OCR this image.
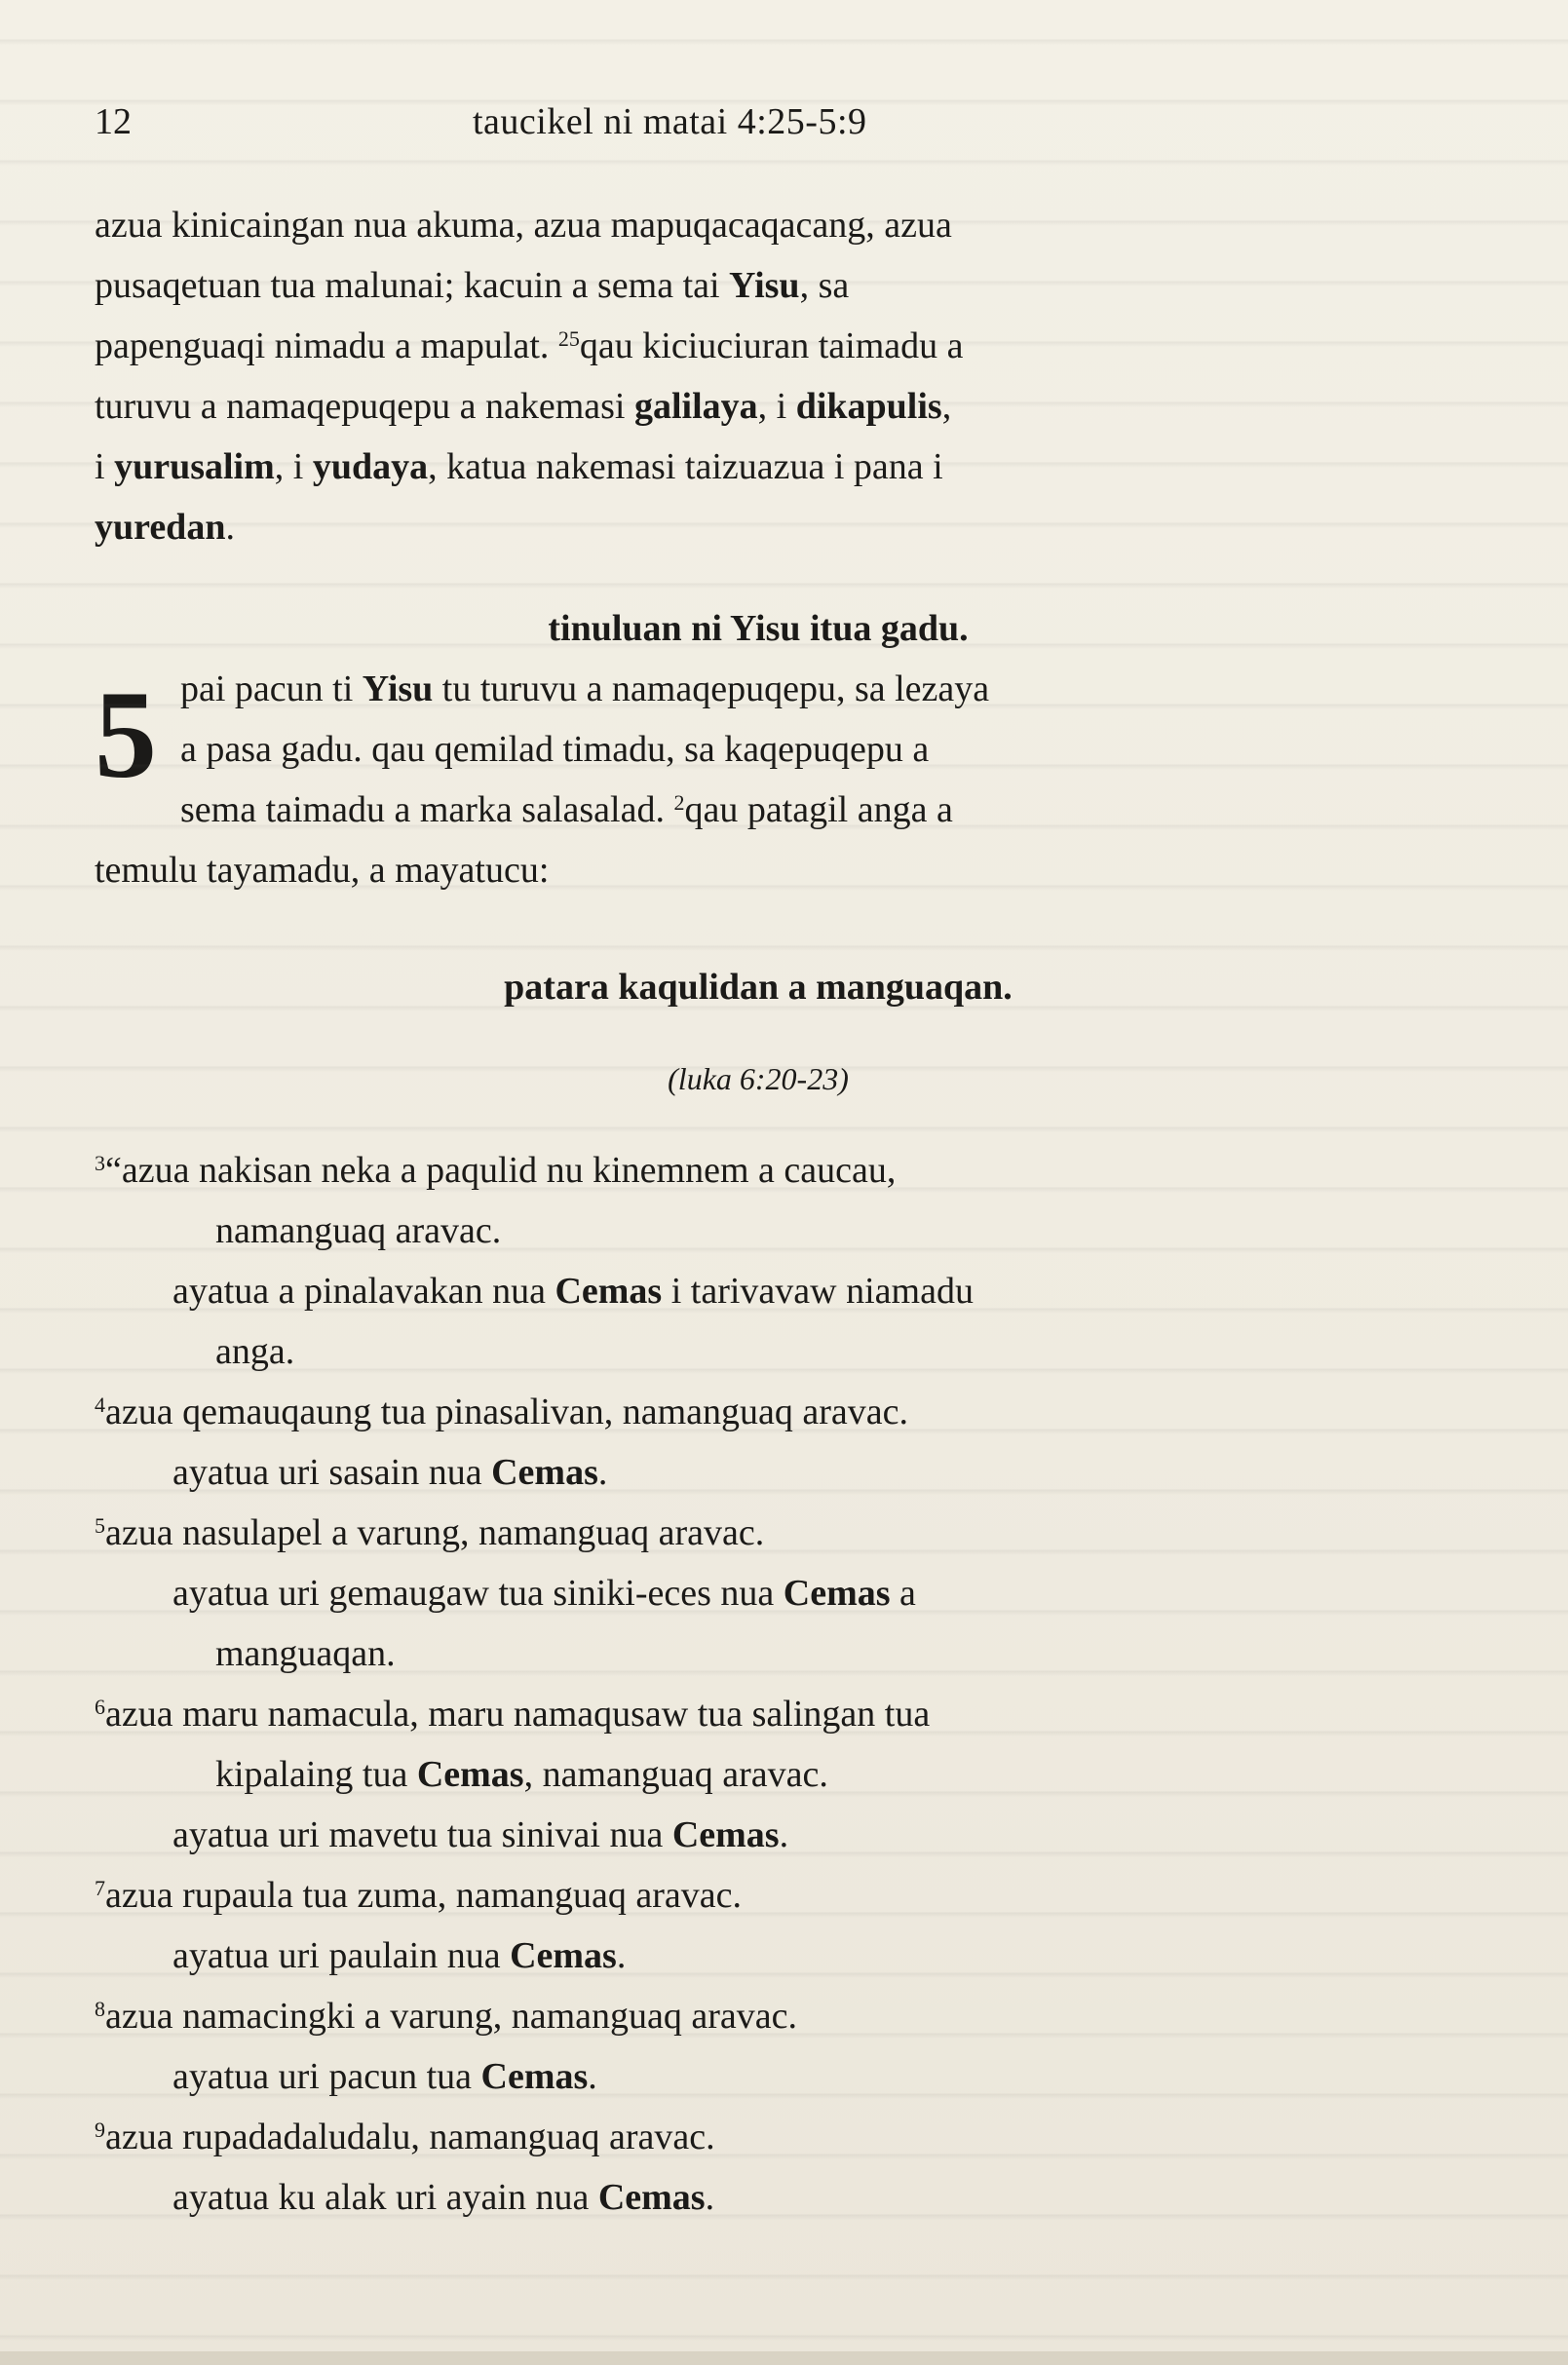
12	taucikel ni matai 4:25-5:9

azua kinicaingan nua akuma, azua mapuqacaqacang, azua
pusaqetuan tua malunai; kacuin a sema tai Yisu, sa
papenguaqi nimadu a mapulat. $^{25}$qau kiciuciuran taimadu a
turuvu a namaqepuqepu a nakemasi galilaya, i dikapulis,
i yurusalim, i yudaya, katua nakemasi taizuazua i pana i
yuredan.

tinuluan ni Yisu itua gadu.

5 pai pacun ti Yisu tu turuvu a namaqepuqepu, sa lezaya
a pasa gadu. qau qemilad timadu, sa kaqepuqepu a
sema taimadu a marka salasalad. $^2$qau patagil anga a
temulu tayamadu, a mayatucu:

patara kaqulidan a manguaqan.

(luka 6:20-23)

$^3$“azua nakisan neka a paqulid nu kinemnem a caucau,

namanguaq aravac.

ayatua a pinalavakan nua Cemas i tarivavaw niamadu

anga.

$^4$azua qemauqaung tua pinasalivan, namanguaq aravac.

ayatua uri sasain nua Cemas.

$^5$azua nasulapel a varung, namanguaq aravac.

ayatua uri gemaugaw tua siniki-eces nua Cemas a

manguaqan.

$^6$azua maru namacula, maru namaqusaw tua salingan tua

kipalaing tua Cemas, namanguaq aravac.

ayatua uri mavetu tua sinivai nua Cemas.

$^7$azua rupaula tua zuma, namanguaq aravac.

ayatua uri paulain nua Cemas.

$^8$azua namacingki a varung, namanguaq aravac.

ayatua uri pacun tua Cemas.

$^9$azua rupadadaludalu, namanguaq aravac.

ayatua ku alak uri ayain nua Cemas.
